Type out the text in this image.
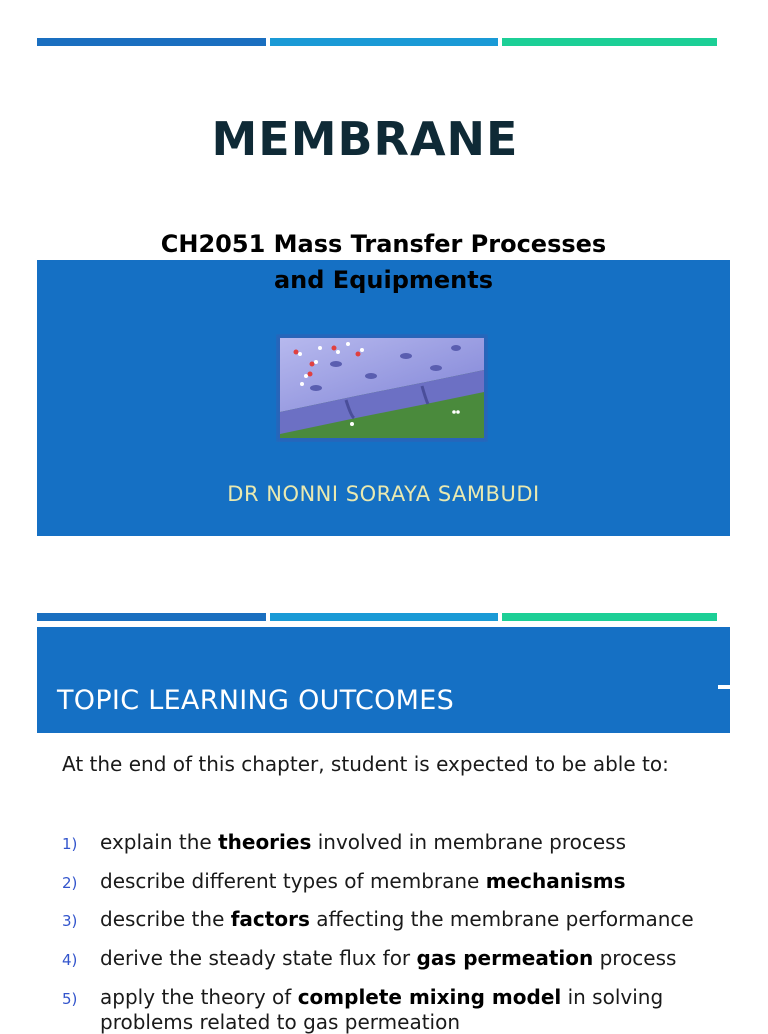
MEMBRANE
CH2051 Mass Transfer Processes
and Equipments
DR NONNI SORAYA SAMBUDI
TOPIC LEARNING OUTCOMES
At the end of this chapter, student is expected to be able to:
1) explain the theories involved in membrane process
2) describe different types of membrane mechanisms
3) describe the factors affecting the membrane performance
4) derive the steady state flux for gas permeation process
5) apply the theory of complete mixing model in solving
problems related to gas permeation
